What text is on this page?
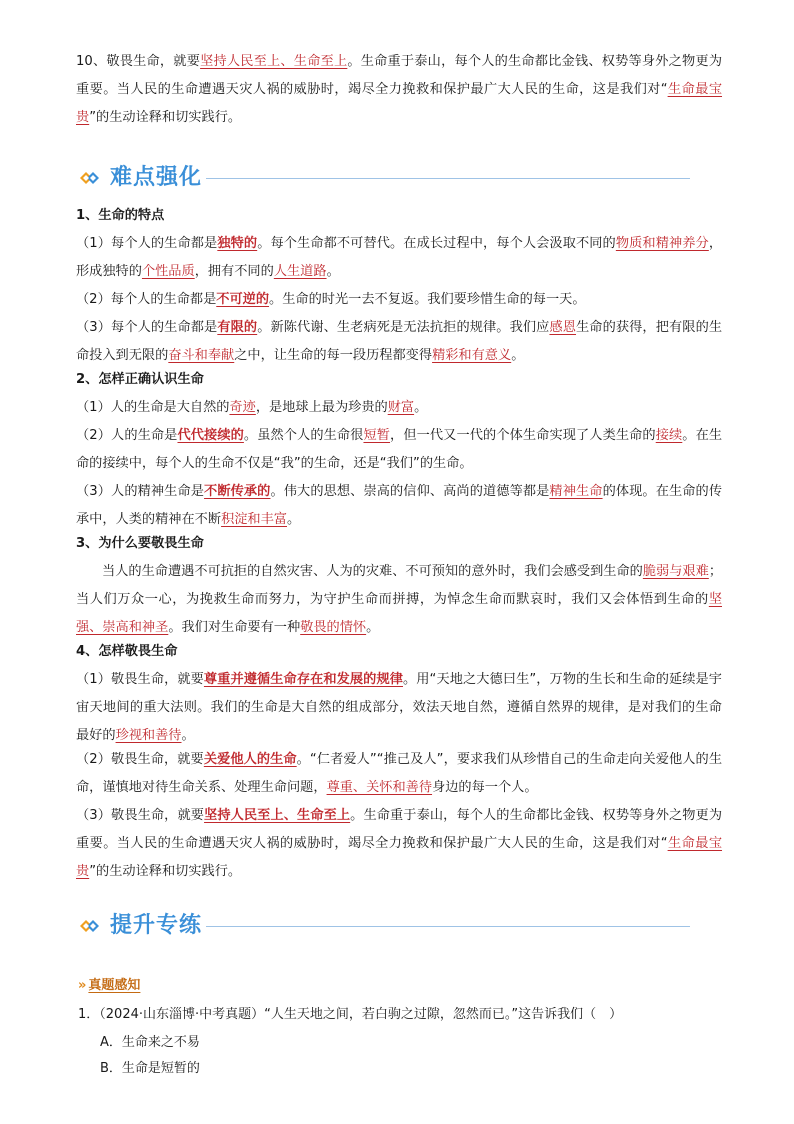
10、敬畏生命，就要坚持人民至上、生命至上。生命重于泰山，每个人的生命都比金钱、权势等身外之物更为重要。当人民的生命遭遇天灾人祸的威胁时，竭尽全力挽救和保护最广大人民的生命，这是我们对“生命最宝贵”的生动诠释和切实践行。

难点强化

1、生命的特点

（1）每个人的生命都是独特的。每个生命都不可替代。在成长过程中，每个人会汲取不同的物质和精神养分，形成独特的个性品质，拥有不同的人生道路。

（2）每个人的生命都是不可逆的。生命的时光一去不复返。我们要珍惜生命的每一天。

（3）每个人的生命都是有限的。新陈代谢、生老病死是无法抗拒的规律。我们应感恩生命的获得，把有限的生命投入到无限的奋斗和奉献之中，让生命的每一段历程都变得精彩和有意义。

2、怎样正确认识生命

（1）人的生命是大自然的奇迹，是地球上最为珍贵的财富。

（2）人的生命是代代接续的。虽然个人的生命很短暂，但一代又一代的个体生命实现了人类生命的接续。在生命的接续中，每个人的生命不仅是“我”的生命，还是“我们”的生命。

（3）人的精神生命是不断传承的。伟大的思想、崇高的信仰、高尚的道德等都是精神生命的体现。在生命的传承中，人类的精神在不断积淀和丰富。

3、为什么要敬畏生命

当人的生命遭遇不可抗拒的自然灾害、人为的灾难、不可预知的意外时，我们会感受到生命的脆弱与艰难；当人们万众一心，为挽救生命而努力，为守护生命而拼搏，为悼念生命而默哀时，我们又会体悟到生命的坚强、崇高和神圣。我们对生命要有一种敬畏的情怀。

4、怎样敬畏生命

（1）敬畏生命，就要尊重并遵循生命存在和发展的规律。用“天地之大德曰生”，万物的生长和生命的延续是宇宙天地间的重大法则。我们的生命是大自然的组成部分，效法天地自然，遵循自然界的规律，是对我们的生命最好的珍视和善待。

（2）敬畏生命，就要关爱他人的生命。“仁者爱人”“推己及人”，要求我们从珍惜自己的生命走向关爱他人的生命，谨慎地对待生命关系、处理生命问题，尊重、关怀和善待身边的每一个人。

（3）敬畏生命，就要坚持人民至上、生命至上。生命重于泰山，每个人的生命都比金钱、权势等身外之物更为重要。当人民的生命遭遇天灾人祸的威胁时，竭尽全力挽救和保护最广大人民的生命，这是我们对“生命最宝贵”的生动诠释和切实践行。

提升专练
» 真题感知
1．（2024·山东淄博·中考真题）“人生天地之间，若白驹之过隙，忽然而已。”这告诉我们（　）
A．生命来之不易
B．生命是短暂的
